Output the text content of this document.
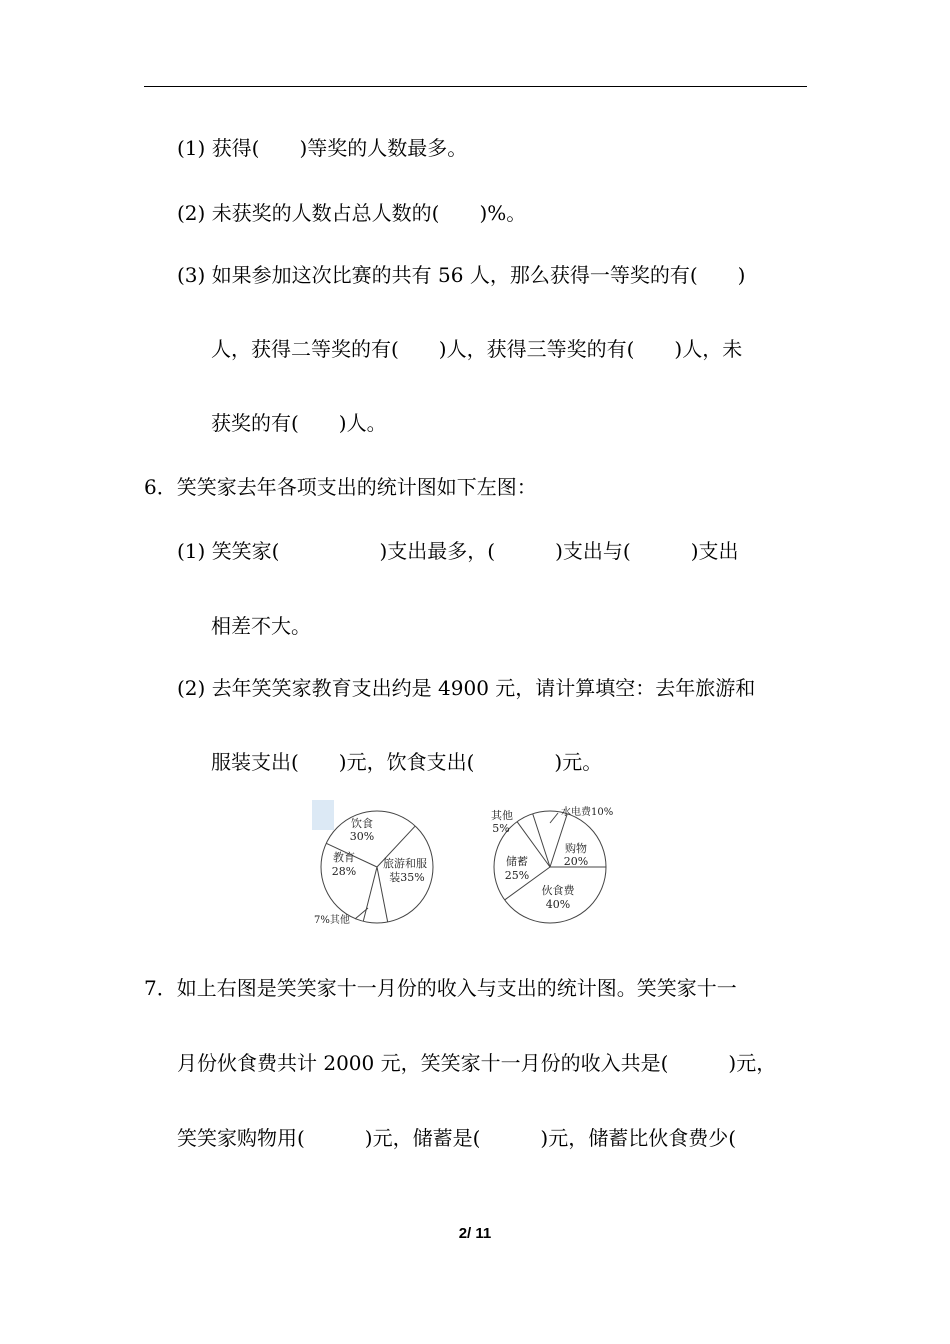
(1) 获得(　　)等奖的人数最多。
(2) 未获奖的人数占总人数的(　　)%。
(3) 如果参加这次比赛的共有 56 人，那么获得一等奖的有(　　)
人，获得二等奖的有(　　)人，获得三等奖的有(　　)人，未
获奖的有(　　)人。
6．笑笑家去年各项支出的统计图如下左图：
(1) 笑笑家(　　　　　)支出最多，(　　　)支出与(　　　)支出
相差不大。
(2) 去年笑笑家教育支出约是 4900 元，请计算填空：去年旅游和
服装支出(　　)元，饮食支出(　　　　)元。
饮食
30%
教育
28%
旅游和服
装35%
7%其他
其他
5%
水电费10%
购物
20%
储蓄
25%
伙食费
40%
7．如上右图是笑笑家十一月份的收入与支出的统计图。笑笑家十一
月份伙食费共计 2000 元，笑笑家十一月份的收入共是(　　　)元，
笑笑家购物用(　　　)元，储蓄是(　　　)元，储蓄比伙食费少(
2/ 11
